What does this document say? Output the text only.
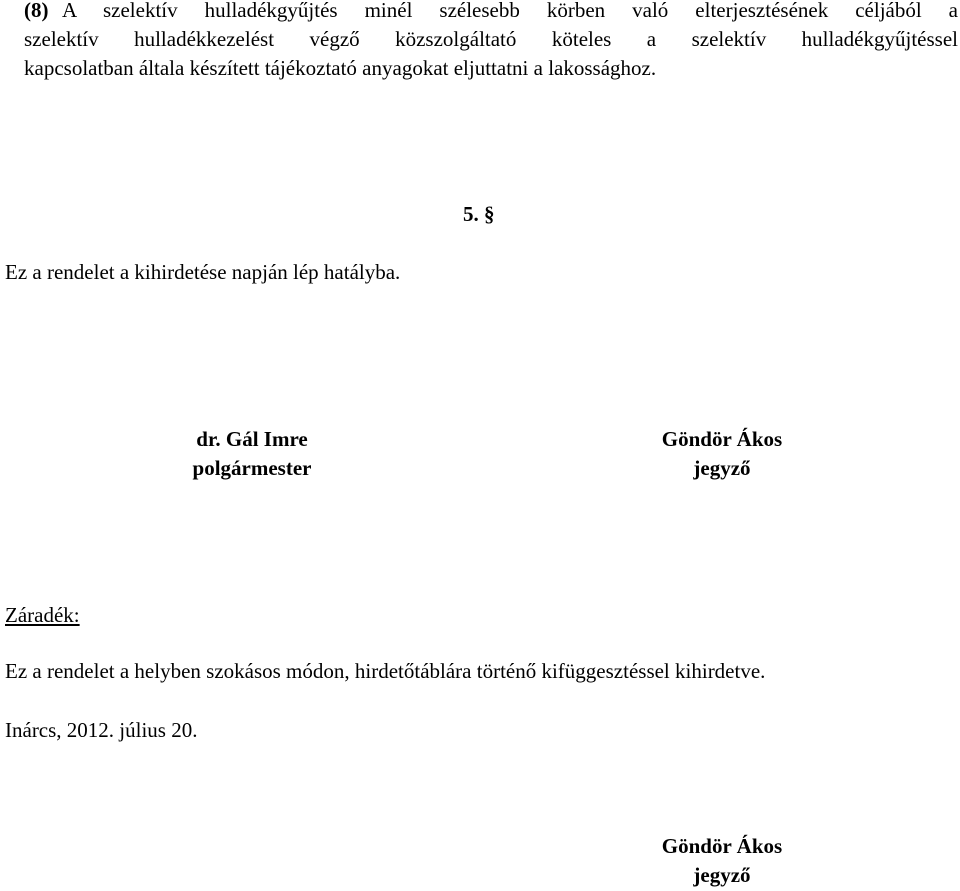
(8) A szelektív hulladékgyűjtés minél szélesebb körben való elterjesztésének céljából a
szelektív hulladékkezelést végző közszolgáltató köteles a szelektív hulladékgyűjtéssel
kapcsolatban általa készített tájékoztató anyagokat eljuttatni a lakossághoz.
5. §
Ez a rendelet a kihirdetése napján lép hatályba.
dr. Gál Imre
polgármester
Göndör Ákos
jegyző
Záradék:
Ez a rendelet a helyben szokásos módon, hirdetőtáblára történő kifüggesztéssel kihirdetve.
Inárcs, 2012. július 20.
Göndör Ákos
jegyző
